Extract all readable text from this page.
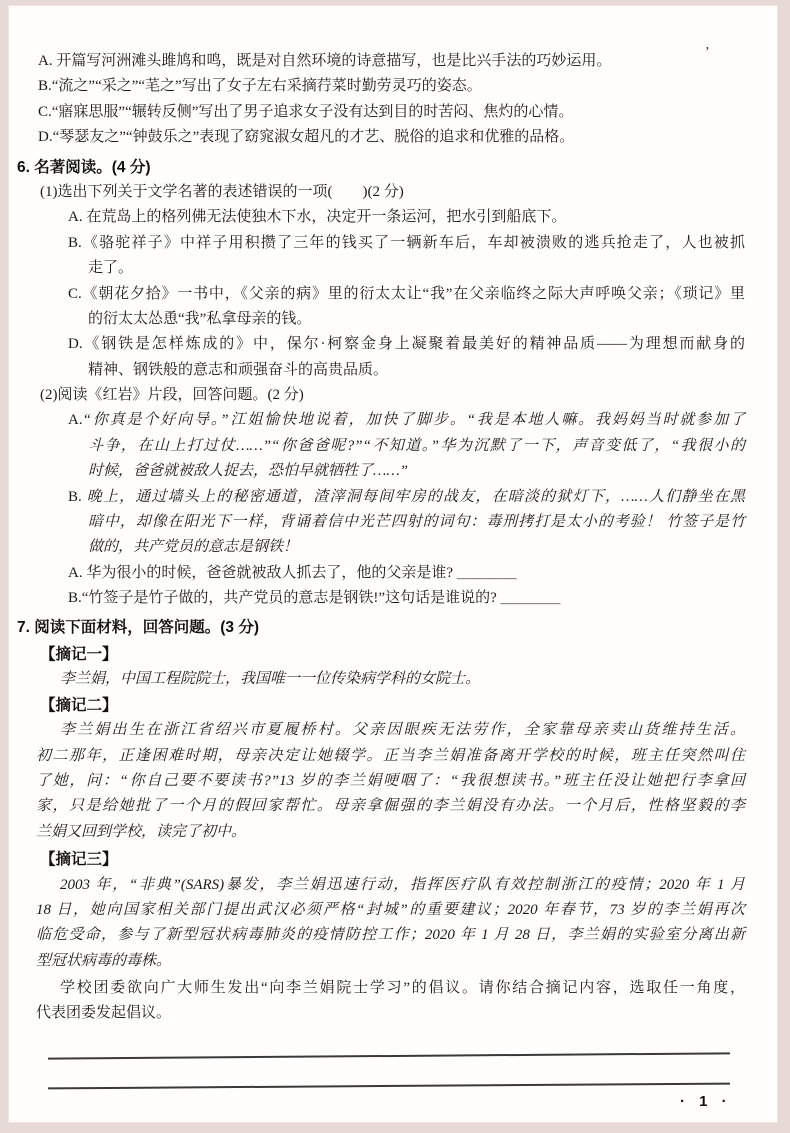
A. 开篇写河洲滩头雎鸠和鸣，既是对自然环境的诗意描写，也是比兴手法的巧妙运用。
B.“流之”“采之”“芼之”写出了女子左右采摘荇菜时勤劳灵巧的姿态。
C.“寤寐思服”“辗转反侧”写出了男子追求女子没有达到目的时苦闷、焦灼的心情。
D.“琴瑟友之”“钟鼓乐之”表现了窈窕淑女超凡的才艺、脱俗的追求和优雅的品格。
6. 名著阅读。(4 分)
(1)选出下列关于文学名著的表述错误的一项(　　)(2 分)
A. 在荒岛上的格列佛无法使独木下水，决定开一条运河，把水引到船底下。
B.《骆驼祥子》中祥子用积攒了三年的钱买了一辆新车后，车却被溃败的逃兵抢走了，人也被抓
走了。
C.《朝花夕拾》一书中，《父亲的病》里的衍太太让“我”在父亲临终之际大声呼唤父亲；《琐记》里
的衍太太怂恿“我”私拿母亲的钱。
D.《钢铁是怎样炼成的》中，保尔·柯察金身上凝聚着最美好的精神品质——为理想而献身的
精神、钢铁般的意志和顽强奋斗的高贵品质。
(2)阅读《红岩》片段，回答问题。(2 分)
A.“你真是个好向导。”江姐愉快地说着，加快了脚步。“我是本地人嘛。我妈妈当时就参加了
斗争，在山上打过仗……”“你爸爸呢?”“不知道。”华为沉默了一下，声音变低了，“我很小的
时候，爸爸就被敌人捉去，恐怕早就牺牲了……”
B. 晚上，通过墙头上的秘密通道，渣滓洞每间牢房的战友，在暗淡的狱灯下，……人们静坐在黑
暗中，却像在阳光下一样，背诵着信中光芒四射的词句：毒刑拷打是太小的考验！ 竹签子是竹
做的，共产党员的意志是钢铁！
A. 华为很小的时候，爸爸就被敌人抓去了，他的父亲是谁? ＿＿＿＿
B.“竹签子是竹子做的，共产党员的意志是钢铁!”这句话是谁说的? ＿＿＿＿
7. 阅读下面材料，回答问题。(3 分)
【摘记一】
李兰娟，中国工程院院士，我国唯一一位传染病学科的女院士。
【摘记二】
李兰娟出生在浙江省绍兴市夏履桥村。父亲因眼疾无法劳作，全家靠母亲卖山货维持生活。
初二那年，正逢困难时期，母亲决定让她辍学。正当李兰娟准备离开学校的时候，班主任突然叫住
了她，问：“你自己要不要读书?”13 岁的李兰娟哽咽了：“我很想读书。”班主任没让她把行李拿回
家，只是给她批了一个月的假回家帮忙。母亲拿倔强的李兰娟没有办法。一个月后，性格坚毅的李
兰娟又回到学校，读完了初中。
【摘记三】
2003 年，“非典”(SARS)暴发，李兰娟迅速行动，指挥医疗队有效控制浙江的疫情；2020 年 1 月
18 日，她向国家相关部门提出武汉必须严格“封城”的重要建议；2020 年春节，73 岁的李兰娟再次
临危受命，参与了新型冠状病毒肺炎的疫情防控工作；2020 年 1 月 28 日，李兰娟的实验室分离出新
型冠状病毒的毒株。
学校团委欲向广大师生发出“向李兰娟院士学习”的倡议。请你结合摘记内容，选取任一角度，
代表团委发起倡议。
’
· 1 ·
